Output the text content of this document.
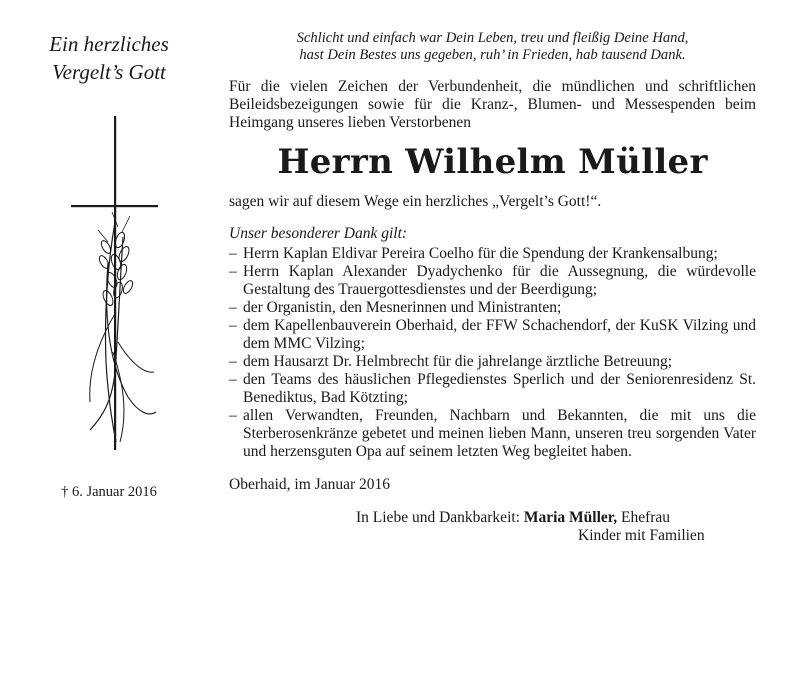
Ein herzliches
Vergelt’s Gott
† 6. Januar 2016
Schlicht und einfach war Dein Leben, treu und fleißig Deine Hand,
hast Dein Bestes uns gegeben, ruh’ in Frieden, hab tausend Dank.
Für die vielen Zeichen der Verbundenheit, die mündlichen und schriftlichen Beileidsbezeigungen sowie für die Kranz-, Blumen- und Messespenden beim Heimgang unseres lieben Verstorbenen
Herrn Wilhelm Müller
sagen wir auf diesem Wege ein herzliches „Vergelt’s Gott!“.
Unser besonderer Dank gilt:
– Herrn Kaplan Eldivar Pereira Coelho für die Spendung der Krankensalbung;
– Herrn Kaplan Alexander Dyadychenko für die Aussegnung, die würdevolle Gestaltung des Trauergottesdienstes und der Beerdigung;
– der Organistin, den Mesnerinnen und Ministranten;
– dem Kapellenbauverein Oberhaid, der FFW Schachendorf, der KuSK Vilzing und dem MMC Vilzing;
– dem Hausarzt Dr. Helmbrecht für die jahrelange ärztliche Betreuung;
– den Teams des häuslichen Pflegedienstes Sperlich und der Seniorenresidenz St. Benediktus, Bad Kötzting;
– allen Verwandten, Freunden, Nachbarn und Bekannten, die mit uns die Sterberosenkränze gebetet und meinen lieben Mann, unseren treu sorgenden Vater und herzensguten Opa auf seinem letzten Weg begleitet haben.
Oberhaid, im Januar 2016
In Liebe und Dankbarkeit: Maria Müller, Ehefrau
Kinder mit Familien
